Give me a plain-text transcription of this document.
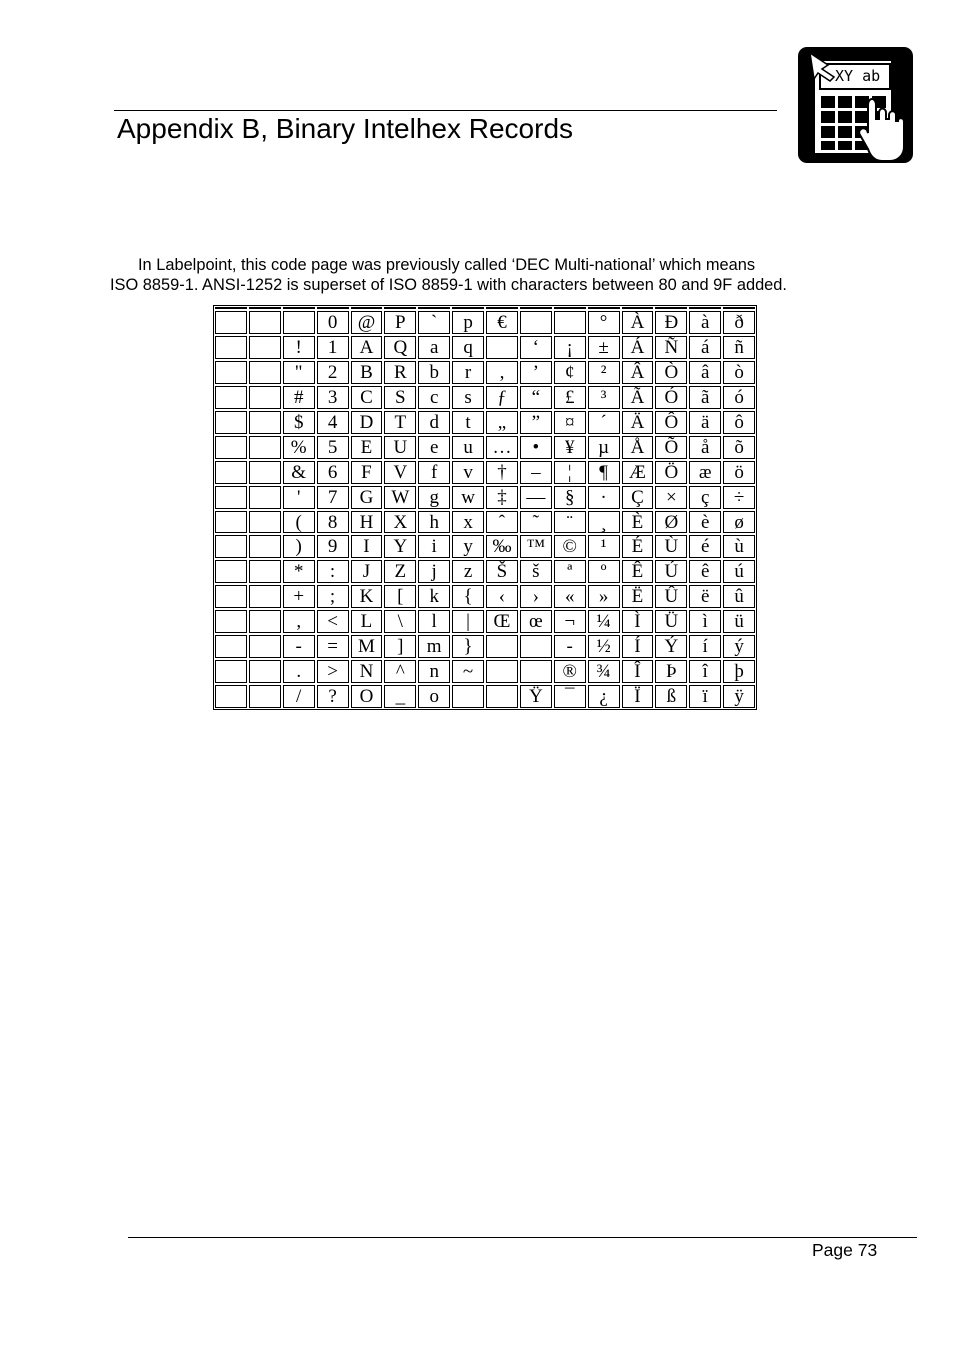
Appendix B, Binary Intelhex Records
XY ab
In Labelpoint, this code page was previously called ‘DEC Multi-national’ which means
ISO 8859-1. ANSI-1252 is superset of ISO 8859-1 with characters between 80 and 9F added.

			0	@	P	`	p	€			°	À	Ð	à	ð
		!	1	A	Q	a	q		‘	¡	±	Á	Ñ	á	ñ
		"	2	B	R	b	r	‚	’	¢	²	Â	Ò	â	ò
		#	3	C	S	c	s	ƒ	“	£	³	Ã	Ó	ã	ó
		$	4	D	T	d	t	„	”	¤	´	Ä	Ô	ä	ô
		%	5	E	U	e	u	…	•	¥	µ	Å	Õ	å	õ
		&	6	F	V	f	v	†	–	¦	¶	Æ	Ö	æ	ö
		'	7	G	W	g	w	‡	—	§	·	Ç	×	ç	÷
		(	8	H	X	h	x	ˆ	˜	¨	¸	È	Ø	è	ø
		)	9	I	Y	i	y	‰	™	©	¹	É	Ù	é	ù
		*	:	J	Z	j	z	Š	š	ª	º	Ê	Ú	ê	ú
		+	;	K	[	k	{	‹	›	«	»	Ë	Û	ë	û
		,	<	L	\	l	|	Œ	œ	¬	¼	Ì	Ü	ì	ü
		-	=	M	]	m	}			-	½	Í	Ý	í	ý
		.	>	N	^	n	~			®	¾	Î	Þ	î	þ
		/	?	O	_	o			Ÿ	¯	¿	Ï	ß	ï	ÿ
Page 73
